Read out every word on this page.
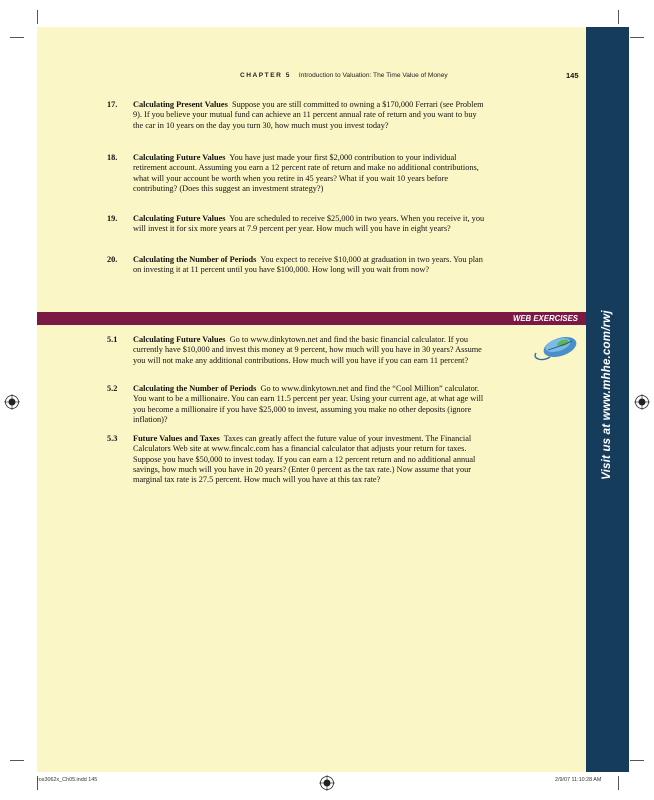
Visit us at www.mhhe.com/rwj
CHAPTER 5 Introduction to Valuation: The Time Value of Money	145
17. Calculating Present Values Suppose you are still committed to owning a $170,000 Ferrari (see Problem 9). If you believe your mutual fund can achieve an 11 percent annual rate of return and you want to buy the car in 10 years on the day you turn 30, how much must you invest today?
18. Calculating Future Values You have just made your first $2,000 contribution to your individual retirement account. Assuming you earn a 12 percent rate of return and make no additional contributions, what will your account be worth when you retire in 45 years? What if you wait 10 years before contributing? (Does this suggest an investment strategy?)
19. Calculating Future Values You are scheduled to receive $25,000 in two years. When you receive it, you will invest it for six more years at 7.9 percent per year. How much will you have in eight years?
20. Calculating the Number of Periods You expect to receive $10,000 at graduation in two years. You plan on investing it at 11 percent until you have $100,000. How long will you wait from now?
WEB EXERCISES
5.1 Calculating Future Values Go to www.dinkytown.net and find the basic financial calculator. If you currently have $10,000 and invest this money at 9 percent, how much will you have in 30 years? Assume you will not make any additional contributions. How much will you have if you can earn 11 percent?
5.2 Calculating the Number of Periods Go to www.dinkytown.net and find the “Cool Million” calculator. You want to be a millionaire. You can earn 11.5 percent per year. Using your current age, at what age will you become a millionaire if you have $25,000 to invest, assuming you make no other deposits (ignore inflation)?
5.3 Future Values and Taxes Taxes can greatly affect the future value of your investment. The Financial Calculators Web site at www.fincalc.com has a financial calculator that adjusts your return for taxes. Suppose you have $50,000 to invest today. If you can earn a 12 percent return and no additional annual savings, how much will you have in 20 years? (Enter 0 percent as the tax rate.) Now assume that your marginal tax rate is 27.5 percent. How much will you have at this tax rate?
ros3062x_Ch05.indd 145	2/9/07 11:10:28 AM
